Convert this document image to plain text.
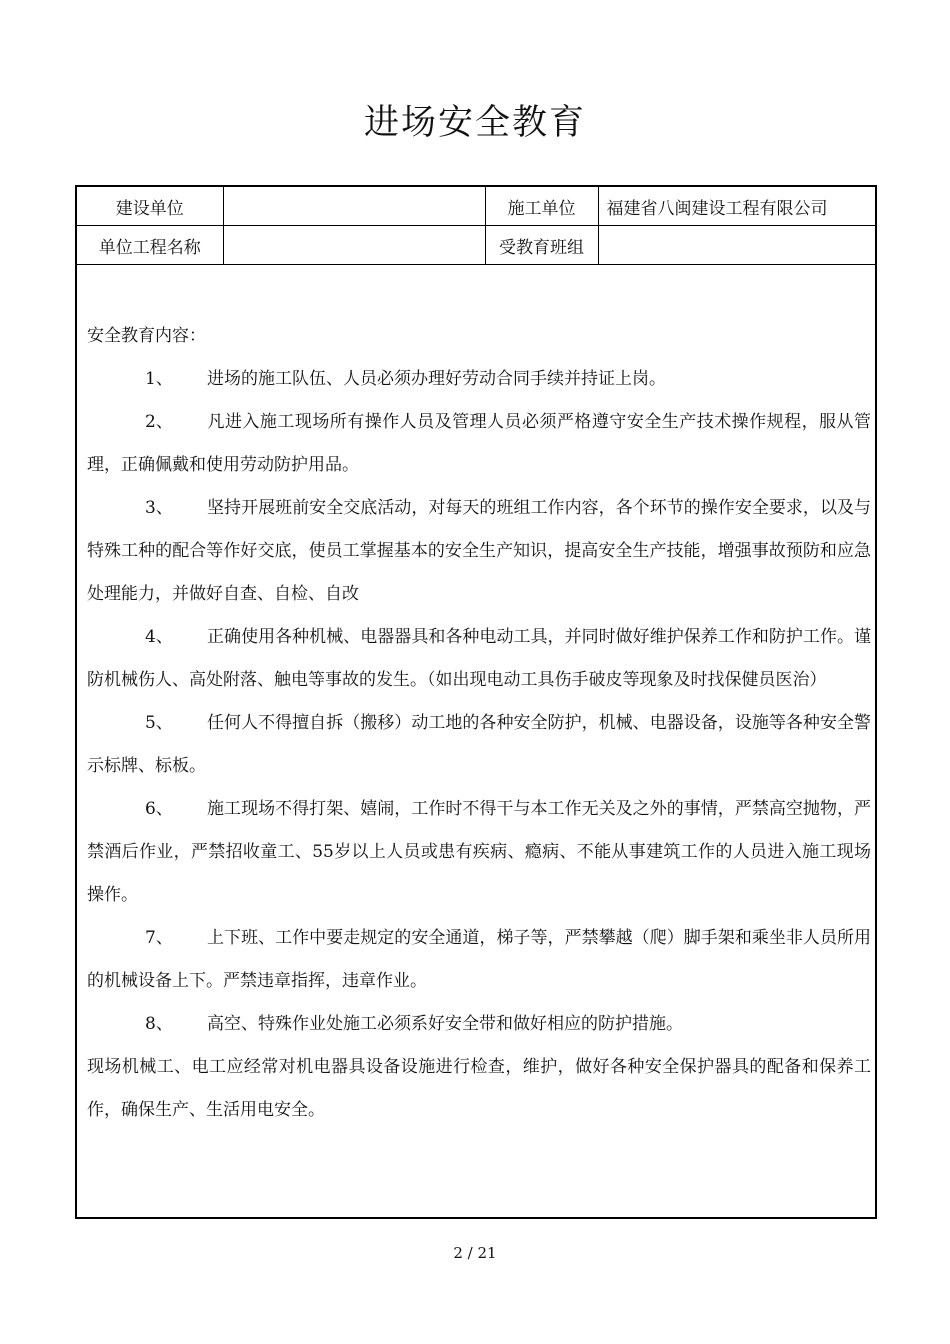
进场安全教育
建设单位		施工单位	福建省八闽建设工程有限公司
单位工程名称		受教育班组	

安全教育内容：

1、 进场的施工队伍、人员必须办理好劳动合同手续并持证上岗。

2、 凡进入施工现场所有操作人员及管理人员必须严格遵守安全生产技术操作规程，服从管理，正确佩戴和使用劳动防护用品。

3、 坚持开展班前安全交底活动，对每天的班组工作内容，各个环节的操作安全要求，以及与特殊工种的配合等作好交底，使员工掌握基本的安全生产知识，提高安全生产技能，增强事故预防和应急处理能力，并做好自查、自检、自改

4、 正确使用各种机械、电器器具和各种电动工具，并同时做好维护保养工作和防护工作。谨防机械伤人、高处附落、触电等事故的发生。（如出现电动工具伤手破皮等现象及时找保健员医治）

5、 任何人不得擅自拆（搬移）动工地的各种安全防护，机械、电器设备，设施等各种安全警示标牌、标板。

6、 施工现场不得打架、嬉闹，工作时不得干与本工作无关及之外的事情，严禁高空抛物，严禁酒后作业，严禁招收童工、55岁以上人员或患有疾病、瘾病、不能从事建筑工作的人员进入施工现场操作。

7、 上下班、工作中要走规定的安全通道，梯子等，严禁攀越（爬）脚手架和乘坐非人员所用的机械设备上下。严禁违章指挥，违章作业。

8、 高空、特殊作业处施工必须系好安全带和做好相应的防护措施。

现场机械工、电工应经常对机电器具设备设施进行检查，维护，做好各种安全保护器具的配备和保养工作，确保生产、生活用电安全。

2 / 21
